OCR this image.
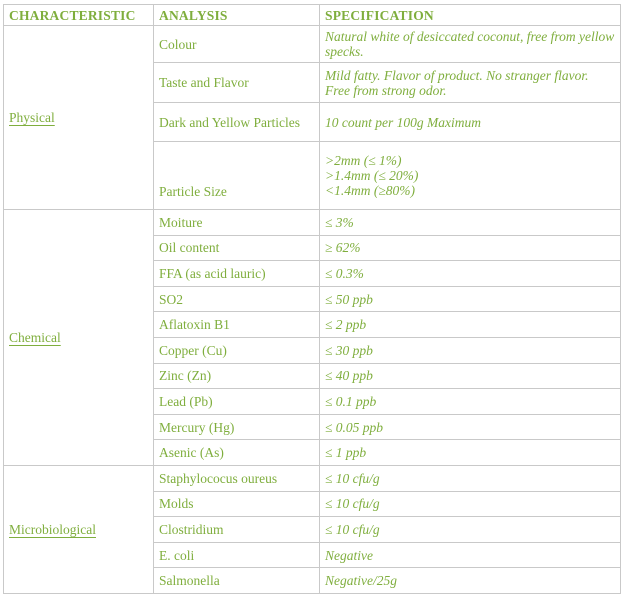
CHARACTERISTIC	ANALYSIS	SPECIFICATION
Physical	Colour	Natural white of desiccated coconut, free from yellow specks.
	Taste and Flavor	Mild fatty. Flavor of product. No stranger flavor. Free from strong odor.
	Dark and Yellow Particles	10 count per 100g Maximum
	Particle Size	>2mm (≤ 1%)
>1.4mm (≤ 20%)
<1.4mm (≥80%)

Chemical	Moiture	≤ 3%
	Oil content	≥ 62%
	FFA (as acid lauric)	≤ 0.3%
	SO2	≤ 50 ppb
	Aflatoxin B1	≤ 2 ppb
	Copper (Cu)	≤ 30 ppb
	Zinc (Zn)	≤ 40 ppb
	Lead (Pb)	≤ 0.1 ppb
	Mercury (Hg)	≤ 0.05 ppb
	Asenic (As)	≤ 1 ppb
Microbiological	Staphylococus oureus	≤ 10 cfu/g
	Molds	≤ 10 cfu/g
	Clostridium	≤ 10 cfu/g
	E. coli	Negative
	Salmonella	Negative/25g
